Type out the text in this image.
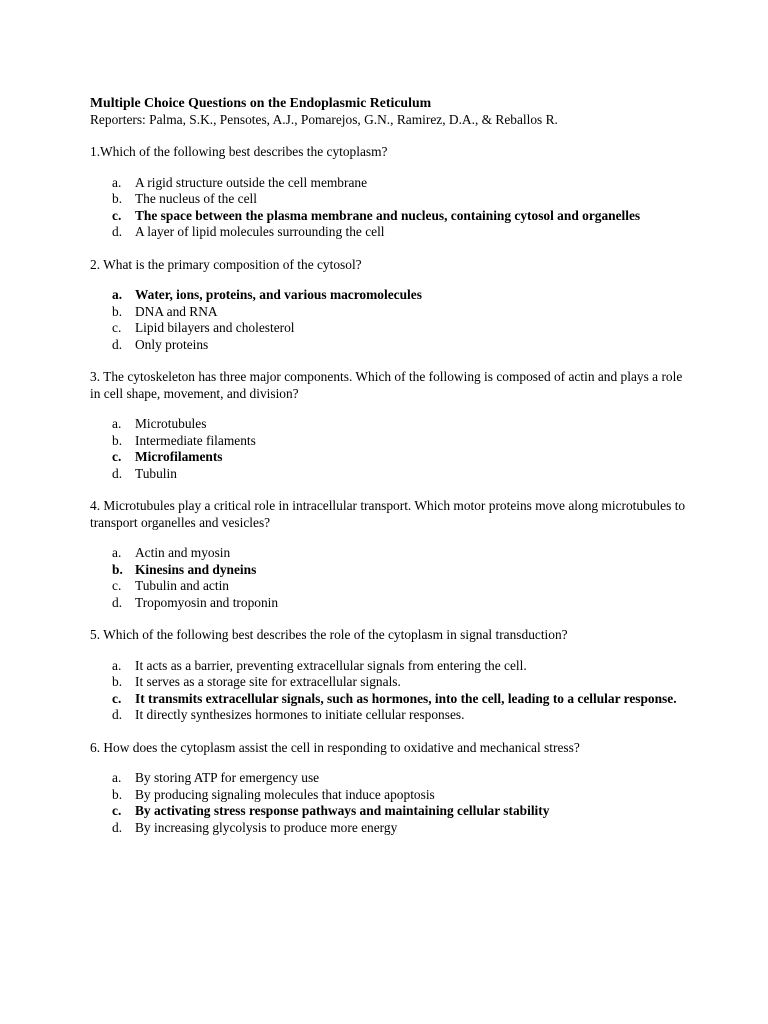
Multiple Choice Questions on the Endoplasmic Reticulum

Reporters: Palma, S.K., Pensotes, A.J., Pomarejos, G.N., Ramirez, D.A., & Reballos R.

1.Which of the following best describes the cytoplasm?

a. A rigid structure outside the cell membrane
b. The nucleus of the cell
c. The space between the plasma membrane and nucleus, containing cytosol and organelles
d. A layer of lipid molecules surrounding the cell

2. What is the primary composition of the cytosol?

a. Water, ions, proteins, and various macromolecules
b. DNA and RNA
c. Lipid bilayers and cholesterol
d. Only proteins

3. The cytoskeleton has three major components. Which of the following is composed of actin and plays a role in cell shape, movement, and division?

a. Microtubules
b. Intermediate filaments
c. Microfilaments
d. Tubulin

4. Microtubules play a critical role in intracellular transport. Which motor proteins move along microtubules to transport organelles and vesicles?

a. Actin and myosin
b. Kinesins and dyneins
c. Tubulin and actin
d. Tropomyosin and troponin

5. Which of the following best describes the role of the cytoplasm in signal transduction?

a. It acts as a barrier, preventing extracellular signals from entering the cell.
b. It serves as a storage site for extracellular signals.
c. It transmits extracellular signals, such as hormones, into the cell, leading to a cellular response.
d. It directly synthesizes hormones to initiate cellular responses.

6. How does the cytoplasm assist the cell in responding to oxidative and mechanical stress?

a. By storing ATP for emergency use
b. By producing signaling molecules that induce apoptosis
c. By activating stress response pathways and maintaining cellular stability
d. By increasing glycolysis to produce more energy
